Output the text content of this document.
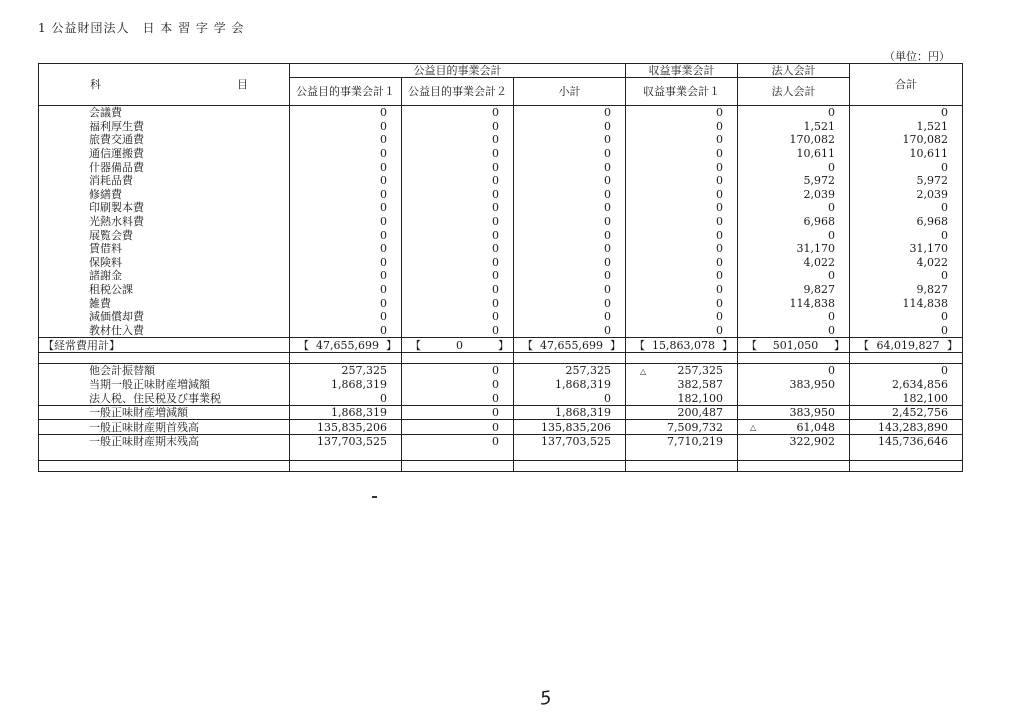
1 公益財団法人　日 本 習 字 学 会
（単位：円）
科 目	公益目的事業会計			収益事業会計	法人会計	合計
	公益目的事業会計１	公益目的事業会計２	小計	収益事業会計１	法人会計	
会議費	0	0	0	0	0	0
福利厚生費	0	0	0	0	1,521	1,521
旅費交通費	0	0	0	0	170,082	170,082
通信運搬費	0	0	0	0	10,611	10,611
什器備品費	0	0	0	0	0	0
消耗品費	0	0	0	0	5,972	5,972
修繕費	0	0	0	0	2,039	2,039
印刷製本費	0	0	0	0	0	0
光熱水料費	0	0	0	0	6,968	6,968
展覧会費	0	0	0	0	0	0
賃借料	0	0	0	0	31,170	31,170
保険料	0	0	0	0	4,022	4,022
諸謝金	0	0	0	0	0	0
租税公課	0	0	0	0	9,827	9,827
雑費	0	0	0	0	114,838	114,838
減価償却費	0	0	0	0	0	0
教材仕入費	0	0	0	0	0	0
【経常費用計】	【 47,655,699 】	【 0 】	【 47,655,699 】	【 15,863,078 】	【 501,050 】	【 64,019,827 】

他会計振替額	257,325	0	257,325	△ 257,325	0	0
当期一般正味財産増減額	1,868,319	0	1,868,319	382,587	383,950	2,634,856
法人税、住民税及び事業税	0	0	0	182,100		182,100
一般正味財産増減額	1,868,319	0	1,868,319	200,487	383,950	2,452,756
一般正味財産期首残高	135,835,206	0	135,835,206	7,509,732	△ 61,048	143,283,890
一般正味財産期末残高	137,703,525	0	137,703,525	7,710,219	322,902	145,736,646

5
